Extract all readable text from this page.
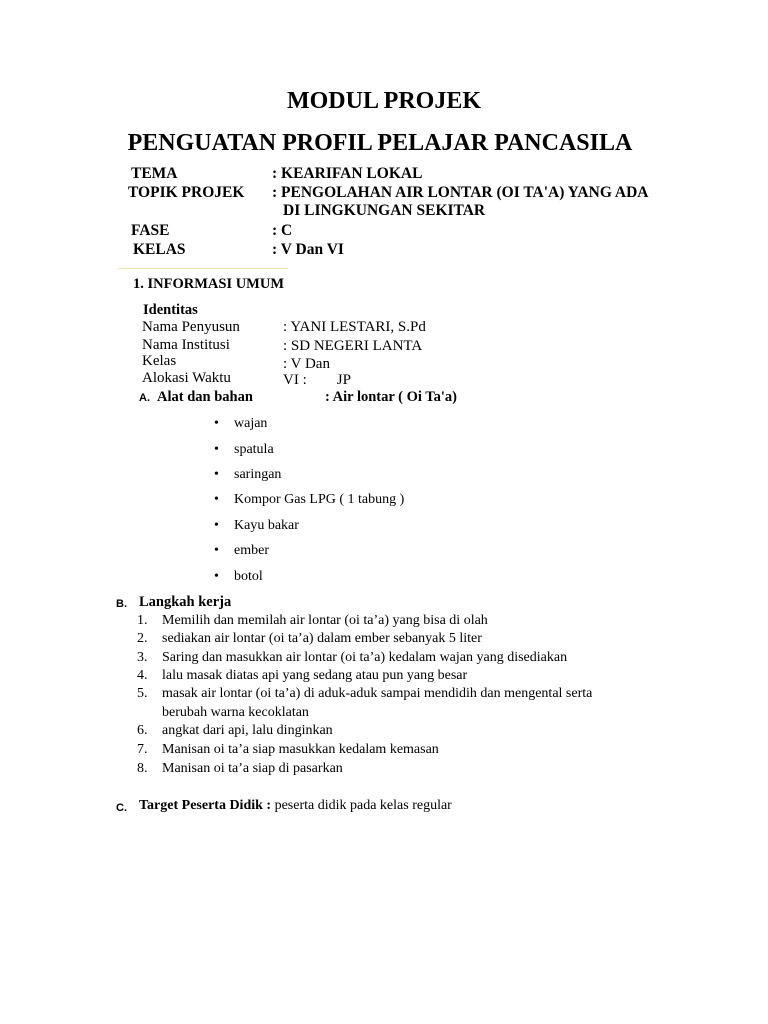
MODUL PROJEK
PENGUATAN PROFIL PELAJAR PANCASILA
TEMA	: KEARIFAN LOKAL
TOPIK PROJEK : PENGOLAHAN AIR LONTAR (OI TA'A) YANG ADA
DI LINGKUNGAN SEKITAR
FASE	: C
KELAS	: V Dan VI
1. INFORMASI UMUM
Identitas
Nama Penyusun	: YANI LESTARI, S.Pd
Nama Institusi	: SD NEGERI LANTA
Kelas	: V Dan
Alokasi Waktu	VI :        JP
A. Alat dan bahan	: Air lontar ( Oi Ta'a)
• wajan
• spatula
• saringan
• Kompor Gas LPG ( 1 tabung )
• Kayu bakar
• ember
• botol
B. Langkah kerja
1. Memilih dan memilah air lontar (oi ta’a) yang bisa di olah
2. sediakan air lontar (oi ta’a) dalam ember sebanyak 5 liter
3. Saring dan masukkan air lontar (oi ta’a) kedalam wajan yang disediakan
4. lalu masak diatas api yang sedang atau pun yang besar
5. masak air lontar (oi ta’a) di aduk-aduk sampai mendidih dan mengental serta
berubah warna kecoklatan
6. angkat dari api, lalu dinginkan
7. Manisan oi ta’a siap masukkan kedalam kemasan
8. Manisan oi ta’a siap di pasarkan
C. Target Peserta Didik : peserta didik pada kelas regular
